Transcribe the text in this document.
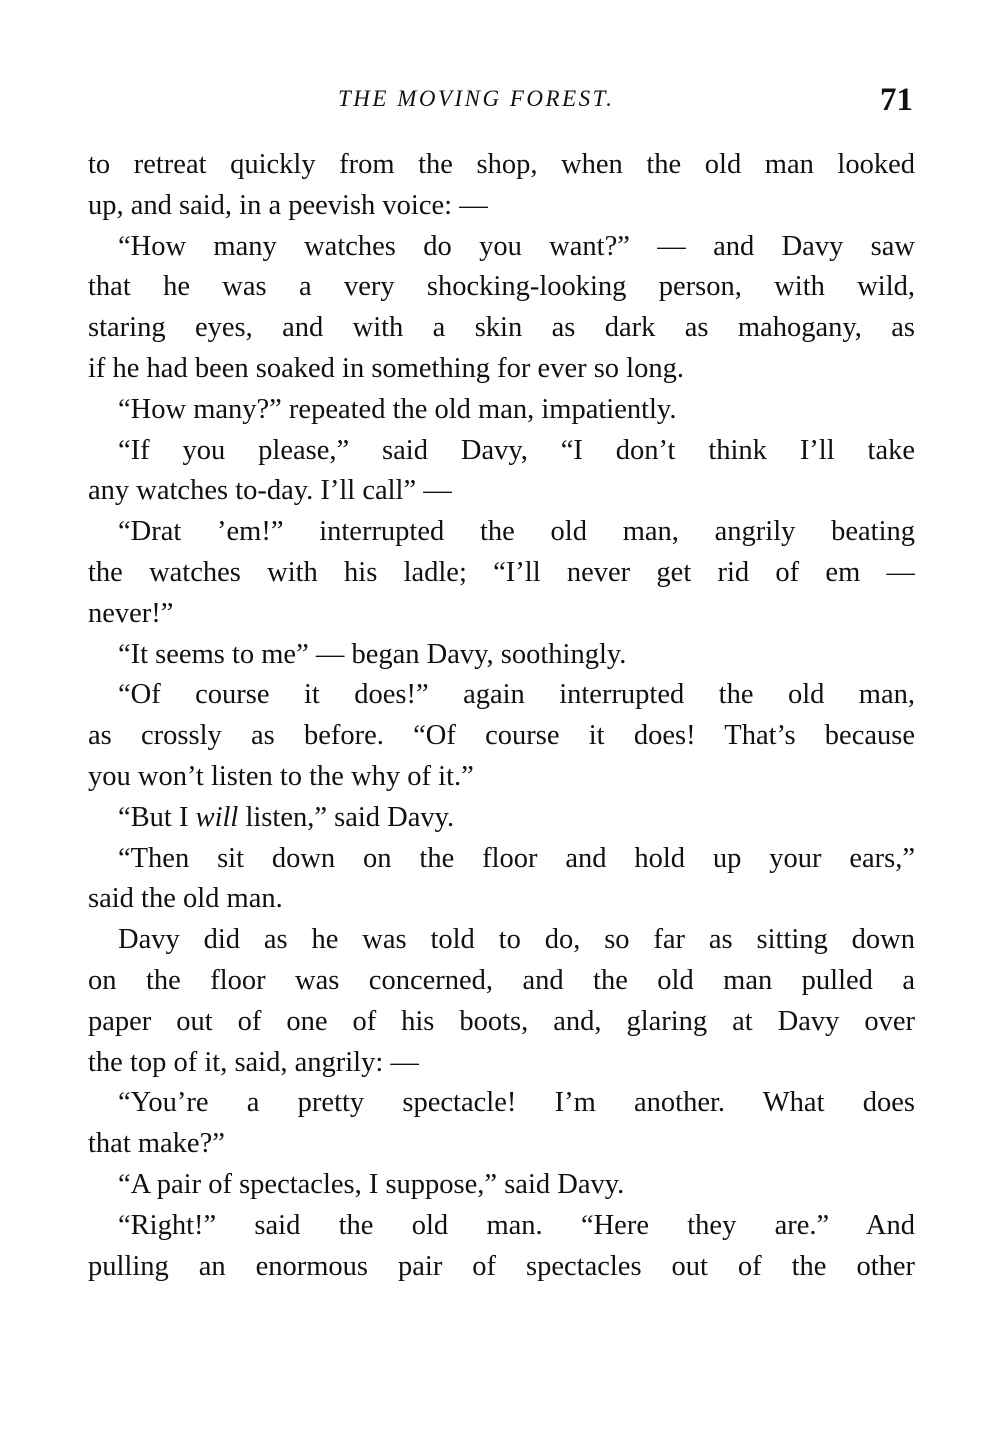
THE MOVING FOREST.	71
to retreat quickly from the shop, when the old man looked
up, and said, in a peevish voice: —
“How many watches do you want?” — and Davy saw
that he was a very shocking-looking person, with wild,
staring eyes, and with a skin as dark as mahogany, as
if he had been soaked in something for ever so long.
“How many?” repeated the old man, impatiently.
“If you please,” said Davy, “I don’t think I’ll take
any watches to-day. I’ll call” —
“Drat ’em!” interrupted the old man, angrily beating
the watches with his ladle; “I’ll never get rid of em —
never!”
“It seems to me” — began Davy, soothingly.
“Of course it does!” again interrupted the old man,
as crossly as before. “Of course it does! That’s because
you won’t listen to the why of it.”
“But I will listen,” said Davy.
“Then sit down on the floor and hold up your ears,”
said the old man.
Davy did as he was told to do, so far as sitting down
on the floor was concerned, and the old man pulled a
paper out of one of his boots, and, glaring at Davy over
the top of it, said, angrily: —
“You’re a pretty spectacle! I’m another. What does
that make?”
“A pair of spectacles, I suppose,” said Davy.
“Right!” said the old man. “Here they are.” And
pulling an enormous pair of spectacles out of the other
